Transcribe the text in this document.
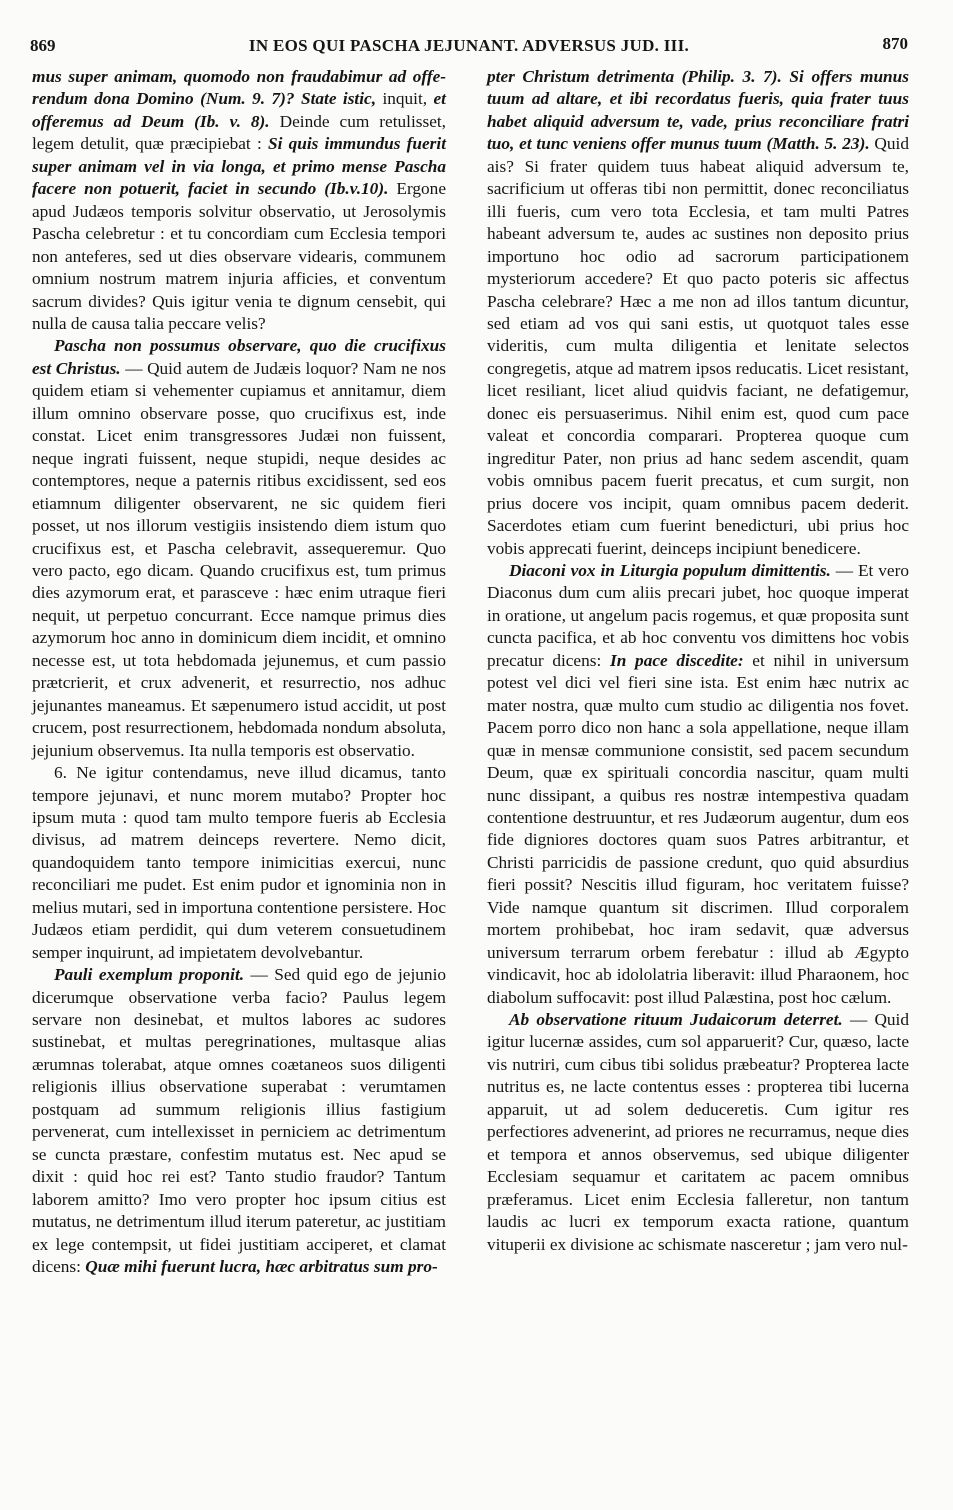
869	IN EOS QUI PASCHA JEJUNANT. ADVERSUS JUD. III.	870

mus super animam, quomodo non fraudabimur ad offe-rendum dona Domino (Num. 9. 7)? State istic, inquit, et offeremus ad Deum (Ib. v. 8). Deinde cum retulisset, legem detulit, quæ præcipiebat : Si quis immundus fuerit super animam vel in via longa, et primo mense Pascha facere non potuerit, faciet in secundo (Ib.v.10). Ergone apud Judæos temporis solvitur observatio, ut Jerosolymis Pascha celebretur : et tu concordiam cum Ecclesia tempori non anteferes, sed ut dies observare videaris, communem omnium nostrum matrem injuria afficies, et conventum sacrum divides? Quis igitur venia te dignum censebit, qui nulla de causa talia peccare velis?

Pascha non possumus observare, quo die crucifixus est Christus. — Quid autem de Judæis loquor? Nam ne nos quidem etiam si vehementer cupiamus et annitamur, diem illum omnino observare posse, quo crucifixus est, inde constat. Licet enim transgressores Judæi non fuissent, neque ingrati fuissent, neque stupidi, neque desides ac contemptores, neque a paternis ritibus excidissent, sed eos etiamnum diligenter observarent, ne sic quidem fieri posset, ut nos illorum vestigiis insistendo diem istum quo crucifixus est, et Pascha celebravit, assequeremur. Quo vero pacto, ego dicam. Quando crucifixus est, tum primus dies azymorum erat, et parasceve : hæc enim utraque fieri nequit, ut perpetuo concurrant. Ecce namque primus dies azymorum hoc anno in dominicum diem incidit, et omnino necesse est, ut tota hebdomada jejunemus, et cum passio prætcrierit, et crux advenerit, et resurrectio, nos adhuc jejunantes maneamus. Et sæpenumero istud accidit, ut post crucem, post resurrectionem, hebdomada nondum absoluta, jejunium observemus. Ita nulla temporis est observatio.

6. Ne igitur contendamus, neve illud dicamus, tanto tempore jejunavi, et nunc morem mutabo? Propter hoc ipsum muta : quod tam multo tempore fueris ab Ecclesia divisus, ad matrem deinceps revertere. Nemo dicit, quandoquidem tanto tempore inimicitias exercui, nunc reconciliari me pudet. Est enim pudor et ignominia non in melius mutari, sed in importuna contentione persistere. Hoc Judæos etiam perdidit, qui dum veterem consuetudinem semper inquirunt, ad impietatem devolvebantur.

Pauli exemplum proponit. — Sed quid ego de jejunio dicerumque observatione verba facio? Paulus legem servare non desinebat, et multos labores ac sudores sustinebat, et multas peregrinationes, multasque alias ærumnas tolerabat, atque omnes coætaneos suos diligenti religionis illius observatione superabat : verumtamen postquam ad summum religionis illius fastigium pervenerat, cum intellexisset in perniciem ac detrimentum se cuncta præstare, confestim mutatus est. Nec apud se dixit : quid hoc rei est? Tanto studio fraudor? Tantum laborem amitto? Imo vero propter hoc ipsum citius est mutatus, ne detrimentum illud iterum pateretur, ac justitiam ex lege contempsit, ut fidei justitiam acciperet, et clamat dicens: Quæ mihi fuerunt lucra, hæc arbitratus sum pro-

pter Christum detrimenta (Philip. 3. 7). Si offers munus tuum ad altare, et ibi recordatus fueris, quia frater tuus habet aliquid adversum te, vade, prius reconciliare fratri tuo, et tunc veniens offer munus tuum (Matth. 5. 23). Quid ais? Si frater quidem tuus habeat aliquid adversum te, sacrificium ut offeras tibi non permittit, donec reconciliatus illi fueris, cum vero tota Ecclesia, et tam multi Patres habeant adversum te, audes ac sustines non deposito prius importuno hoc odio ad sacrorum participationem mysteriorum accedere? Et quo pacto poteris sic affectus Pascha celebrare? Hæc a me non ad illos tantum dicuntur, sed etiam ad vos qui sani estis, ut quotquot tales esse videritis, cum multa diligentia et lenitate selectos congregetis, atque ad matrem ipsos reducatis. Licet resistant, licet resiliant, licet aliud quidvis faciant, ne defatigemur, donec eis persuaserimus. Nihil enim est, quod cum pace valeat et concordia comparari. Propterea quoque cum ingreditur Pater, non prius ad hanc sedem ascendit, quam vobis omnibus pacem fuerit precatus, et cum surgit, non prius docere vos incipit, quam omnibus pacem dederit. Sacerdotes etiam cum fuerint benedicturi, ubi prius hoc vobis apprecati fuerint, deinceps incipiunt benedicere.

Diaconi vox in Liturgia populum dimittentis. — Et vero Diaconus dum cum aliis precari jubet, hoc quoque imperat in oratione, ut angelum pacis rogemus, et quæ proposita sunt cuncta pacifica, et ab hoc conventu vos dimittens hoc vobis precatur dicens: In pace discedite: et nihil in universum potest vel dici vel fieri sine ista. Est enim hæc nutrix ac mater nostra, quæ multo cum studio ac diligentia nos fovet. Pacem porro dico non hanc a sola appellatione, neque illam quæ in mensæ communione consistit, sed pacem secundum Deum, quæ ex spirituali concordia nascitur, quam multi nunc dissipant, a quibus res nostræ intempestiva quadam contentione destruuntur, et res Judæorum augentur, dum eos fide digniores doctores quam suos Patres arbitrantur, et Christi parricidis de passione credunt, quo quid absurdius fieri possit? Nescitis illud figuram, hoc veritatem fuisse? Vide namque quantum sit discrimen. Illud corporalem mortem prohibebat, hoc iram sedavit, quæ adversus universum terrarum orbem ferebatur : illud ab Ægypto vindicavit, hoc ab idololatria liberavit: illud Pharaonem, hoc diabolum suffocavit: post illud Palæstina, post hoc cælum.

Ab observatione rituum Judaicorum deterret. — Quid igitur lucernæ assides, cum sol apparuerit? Cur, quæso, lacte vis nutriri, cum cibus tibi solidus præbeatur? Propterea lacte nutritus es, ne lacte contentus esses : propterea tibi lucerna apparuit, ut ad solem deduceretis. Cum igitur res perfectiores advenerint, ad priores ne recurramus, neque dies et tempora et annos observemus, sed ubique diligenter Ecclesiam sequamur et caritatem ac pacem omnibus præferamus. Licet enim Ecclesia falleretur, non tantum laudis ac lucri ex temporum exacta ratione, quantum vituperii ex divisione ac schismate nasceretur ; jam vero nul-
